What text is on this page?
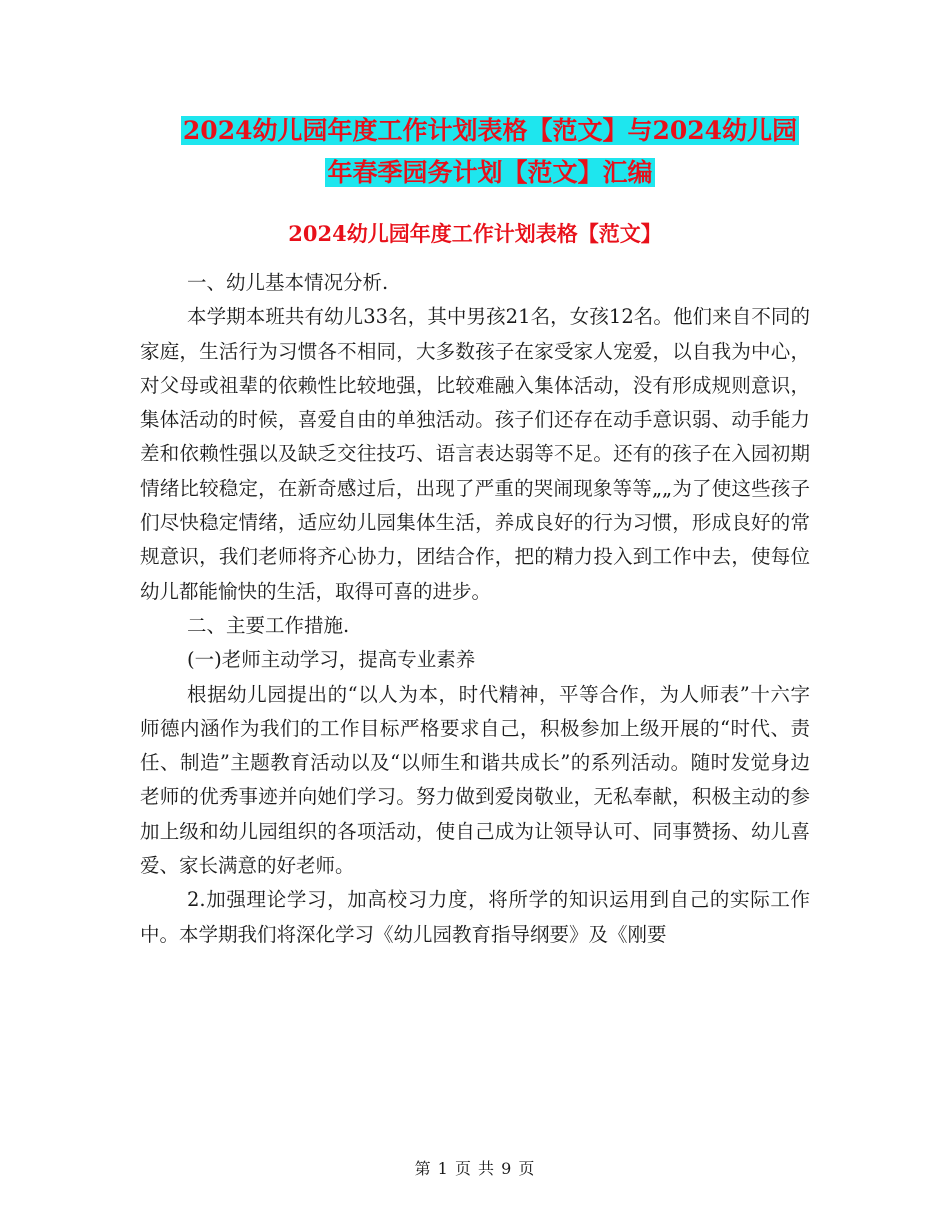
2024幼儿园年度工作计划表格【范文】与2024幼儿园
年春季园务计划【范文】汇编
2024幼儿园年度工作计划表格【范文】

一、幼儿基本情况分析.

本学期本班共有幼儿33名，其中男孩21名，女孩12名。他们来自不同的家庭，生活行为习惯各不相同，大多数孩子在家受家人宠爱，以自我为中心，对父母或祖辈的依赖性比较地强，比较难融入集体活动，没有形成规则意识，集体活动的时候，喜爱自由的单独活动。孩子们还存在动手意识弱、动手能力差和依赖性强以及缺乏交往技巧、语言表达弱等不足。还有的孩子在入园初期情绪比较稳定，在新奇感过后，出现了严重的哭闹现象等等„„为了使这些孩子们尽快稳定情绪，适应幼儿园集体生活，养成良好的行为习惯，形成良好的常规意识，我们老师将齐心协力，团结合作，把的精力投入到工作中去，使每位幼儿都能愉快的生活，取得可喜的进步。

二、主要工作措施.

(一)老师主动学习，提高专业素养

根据幼儿园提出的“以人为本，时代精神，平等合作，为人师表”十六字师德内涵作为我们的工作目标严格要求自己，积极参加上级开展的“时代、责任、制造”主题教育活动以及“以师生和谐共成长”的系列活动。随时发觉身边老师的优秀事迹并向她们学习。努力做到爱岗敬业，无私奉献，积极主动的参加上级和幼儿园组织的各项活动，使自己成为让领导认可、同事赞扬、幼儿喜爱、家长满意的好老师。

2.加强理论学习，加高校习力度，将所学的知识运用到自己的实际工作中。本学期我们将深化学习《幼儿园教育指导纲要》及《刚要

第 1 页 共 9 页
